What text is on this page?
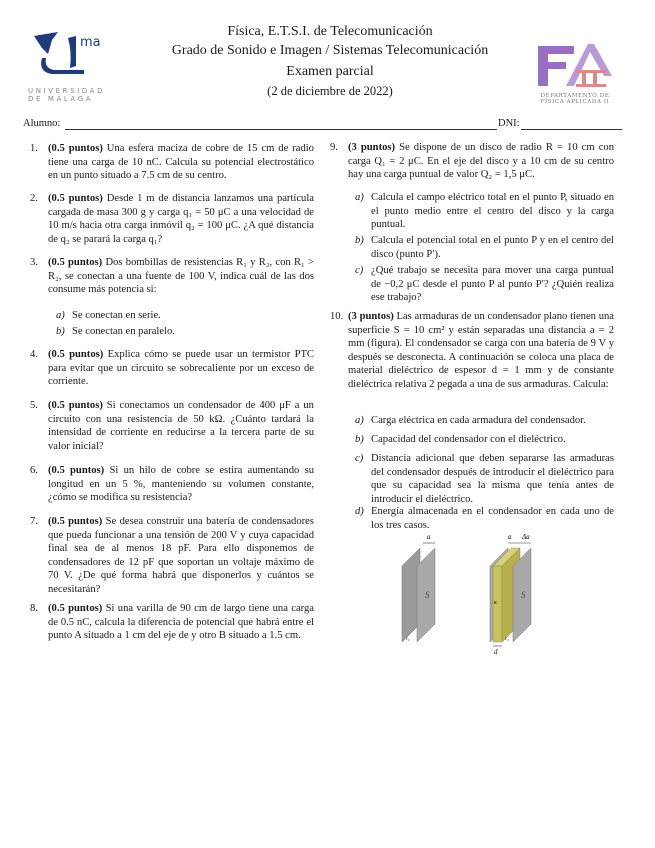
ma
UNIVERSIDAD
DE MÁLAGA
Física, E.T.S.I. de Telecomunicación
Grado de Sonido e Imagen / Sistemas Telecomunicación
Examen parcial
(2 de diciembre de 2022)	DEPARTAMENTO DE
FÍSICA APLICADA II
Alumno:	DNI:
1. (0.5 puntos) Una esfera maciza de cobre de 15 cm de radio tiene una carga de 10 nC. Calcula su potencial electrostático en un punto situado a 7.5 cm de su centro.
2. (0.5 puntos) Desde 1 m de distancia lanzamos una partícula cargada de masa 300 g y carga q₁ = 50 μC a una velocidad de 10 m/s hacia otra carga inmóvil q₂ = 100 μC. ¿A qué distancia de q₂ se parará la carga q₁?
3. (0.5 puntos) Dos bombillas de resistencias R₁ y R₂, con R₁ > R₂, se conectan a una fuente de 100 V, indica cuál de las dos consume más potencia si:
a) Se conectan en serie.
b) Se conectan en paralelo.
4. (0.5 puntos) Explica cómo se puede usar un termistor PTC para evitar que un circuito se sobrecaliente por un exceso de corriente.
5. (0.5 puntos) Si conectamos un condensador de 400 μF a un circuito con una resistencia de 50 kΩ. ¿Cuánto tardará la intensidad de corriente en reducirse a la tercera parte de su valor inicial?
6. (0.5 puntos) Si un hilo de cobre se estira aumentando su longitud en un 5 %, manteniendo su volumen constante, ¿cómo se modifica su resistencia?
7. (0.5 puntos) Se desea construir una batería de condensadores que pueda funcionar a una tensión de 200 V y cuya capacidad final sea de al menos 18 pF. Para ello disponemos de condensadores de 12 pF que soportan un voltaje máximo de 70 V. ¿De qué forma habrá que disponerlos y cuántos se necesitarán?
8. (0.5 puntos) Si una varilla de 90 cm de largo tiene una carga de 0.5 nC, calcula la diferencia de potencial que habrá entre el punto A situado a 1 cm del eje de y otro B situado a 1.5 cm.
9. (3 puntos) Se dispone de un disco de radio R = 10 cm con carga Q₁ = 2 μC. En el eje del disco y a 10 cm de su centro hay una carga puntual de valor Q₂ = 1,5 μC.
a) Calcula el campo eléctrico total en el punto P, situado en el punto medio entre el centro del disco y la carga puntual.
b) Calcula el potencial total en el punto P y en el centro del disco (punto P′).
c) ¿Qué trabajo se necesita para mover una carga puntual de −0,2 μC desde el punto P al punto P′? ¿Quién realiza ese trabajo?
10. (3 puntos) Las armaduras de un condensador plano tienen una superficie S = 10 cm² y están separadas una distancia a = 2 mm (figura). El condensador se carga con una batería de 9 V y después se desconecta. A continuación se coloca una placa de material dieléctrico de espesor d = 1 mm y de constante dieléctrica relativa 2 pegada a una de sus armaduras. Calcula:
a) Carga eléctrica en cada armadura del condensador.
b) Capacidad del condensador con el dieléctrico.
c) Distancia adicional que deben separarse las armaduras del condensador después de introducir el dieléctrico para que su capacidad sea la misma que tenía antes de introducir el dieléctrico.
d) Energía almacenada en el condensador en cada uno de los tres casos.
a
S
ε₀
a Δa
S
κ
ε₀
d
